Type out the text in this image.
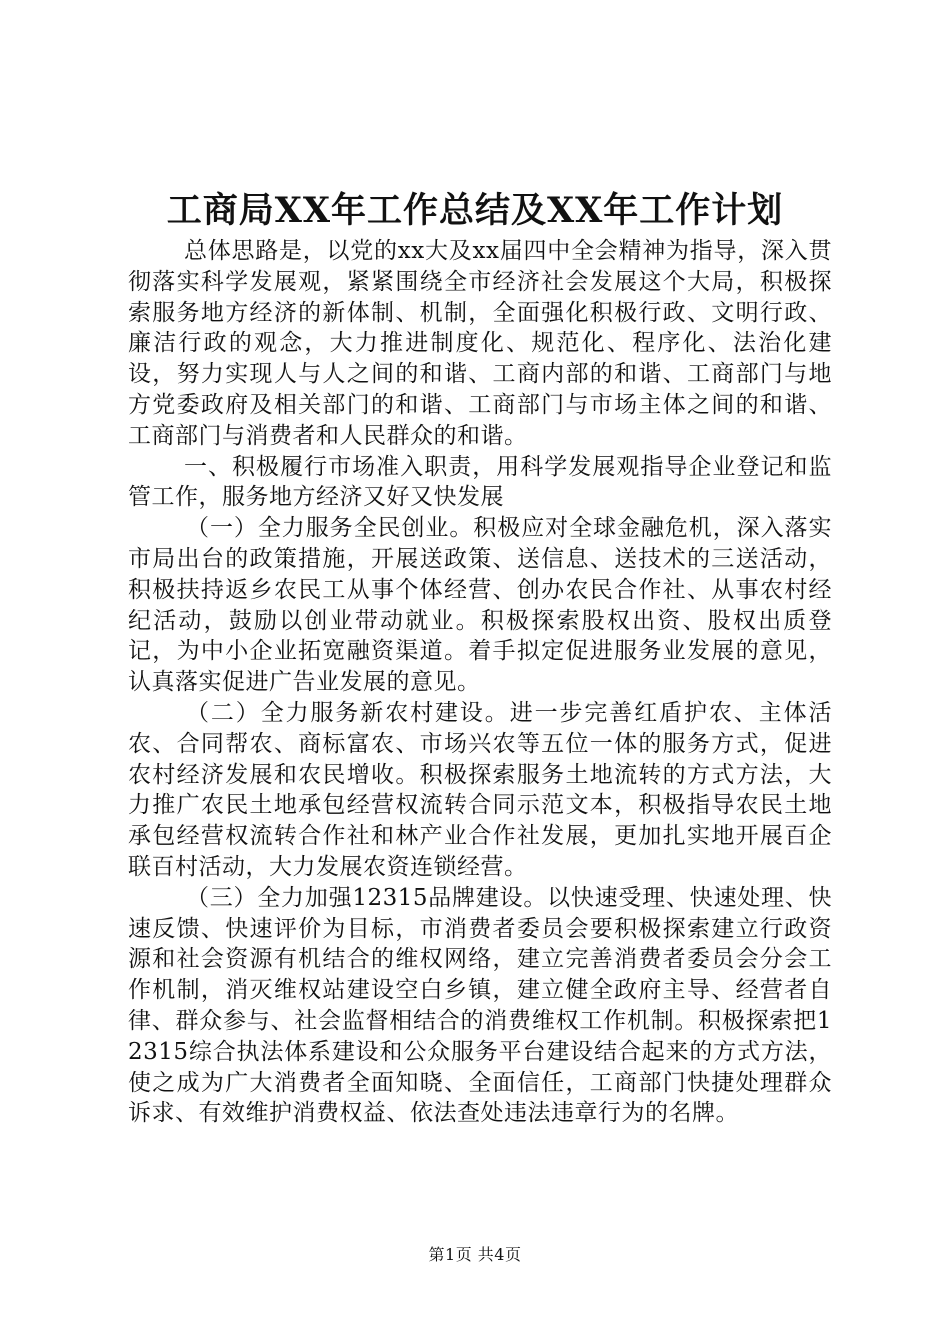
工商局XX年工作总结及XX年工作计划

总体思路是，以党的xx大及xx届四中全会精神为指导，深入贯彻落实科学发展观，紧紧围绕全市经济社会发展这个大局，积极探索服务地方经济的新体制、机制，全面强化积极行政、文明行政、廉洁行政的观念，大力推进制度化、规范化、程序化、法治化建设，努力实现人与人之间的和谐、工商内部的和谐、工商部门与地方党委政府及相关部门的和谐、工商部门与市场主体之间的和谐、工商部门与消费者和人民群众的和谐。

一、积极履行市场准入职责，用科学发展观指导企业登记和监管工作，服务地方经济又好又快发展

（一）全力服务全民创业。积极应对全球金融危机，深入落实市局出台的政策措施，开展送政策、送信息、送技术的三送活动，积极扶持返乡农民工从事个体经营、创办农民合作社、从事农村经纪活动，鼓励以创业带动就业。积极探索股权出资、股权出质登记，为中小企业拓宽融资渠道。着手拟定促进服务业发展的意见，认真落实促进广告业发展的意见。

（二）全力服务新农村建设。进一步完善红盾护农、主体活农、合同帮农、商标富农、市场兴农等五位一体的服务方式，促进农村经济发展和农民增收。积极探索服务土地流转的方式方法，大力推广农民土地承包经营权流转合同示范文本，积极指导农民土地承包经营权流转合作社和林产业合作社发展，更加扎实地开展百企联百村活动，大力发展农资连锁经营。

（三）全力加强12315品牌建设。以快速受理、快速处理、快速反馈、快速评价为目标，市消费者委员会要积极探索建立行政资源和社会资源有机结合的维权网络，建立完善消费者委员会分会工作机制，消灭维权站建设空白乡镇，建立健全政府主导、经营者自律、群众参与、社会监督相结合的消费维权工作机制。积极探索把12315综合执法体系建设和公众服务平台建设结合起来的方式方法，使之成为广大消费者全面知晓、全面信任，工商部门快捷处理群众诉求、有效维护消费权益、依法查处违法违章行为的名牌。

第1页 共4页
